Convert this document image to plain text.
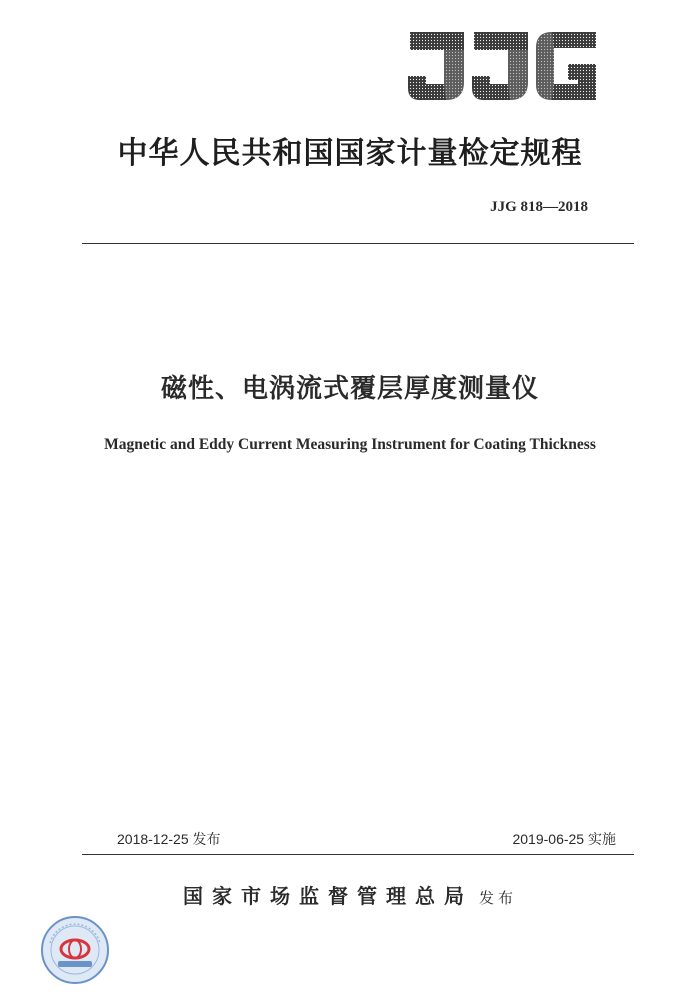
中华人民共和国国家计量检定规程
JJG 818—2018
磁性、电涡流式覆层厚度测量仪
Magnetic and Eddy Current Measuring Instrument for Coating Thickness
2018-12-25 发布	2019-06-25 实施
国家市场监督管理总局 发布
